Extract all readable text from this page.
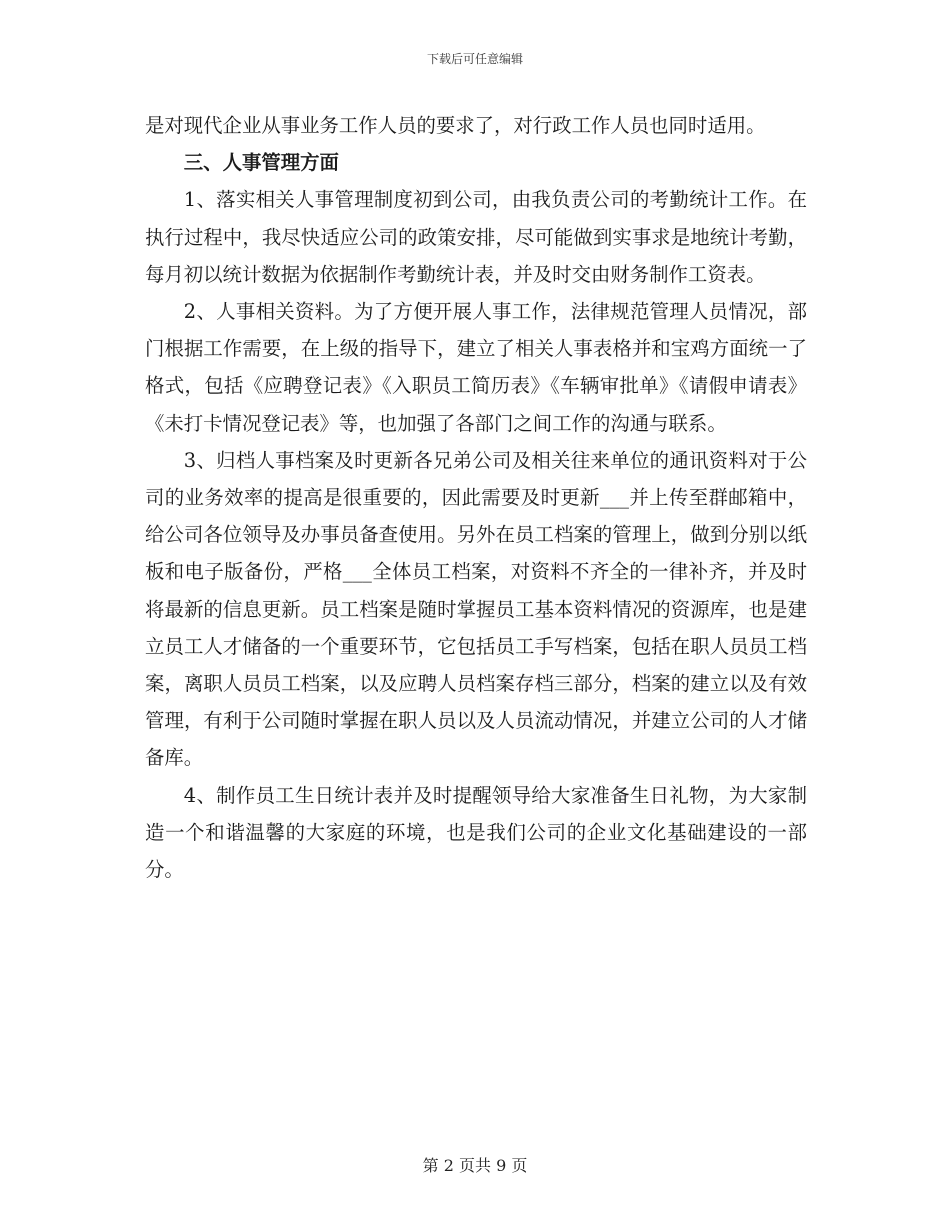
下载后可任意编辑

是对现代企业从事业务工作人员的要求了，对行政工作人员也同时适用。

三、人事管理方面

1、落实相关人事管理制度初到公司，由我负责公司的考勤统计工作。在执行过程中，我尽快适应公司的政策安排，尽可能做到实事求是地统计考勤，每月初以统计数据为依据制作考勤统计表，并及时交由财务制作工资表。

2、人事相关资料。为了方便开展人事工作，法律规范管理人员情况，部门根据工作需要，在上级的指导下，建立了相关人事表格并和宝鸡方面统一了格式，包括《应聘登记表》《入职员工简历表》《车辆审批单》《请假申请表》《未打卡情况登记表》等，也加强了各部门之间工作的沟通与联系。

3、归档人事档案及时更新各兄弟公司及相关往来单位的通讯资料对于公司的业务效率的提高是很重要的，因此需要及时更新___并上传至群邮箱中，给公司各位领导及办事员备查使用。另外在员工档案的管理上，做到分别以纸板和电子版备份，严格___全体员工档案，对资料不齐全的一律补齐，并及时将最新的信息更新。员工档案是随时掌握员工基本资料情况的资源库，也是建立员工人才储备的一个重要环节，它包括员工手写档案，包括在职人员员工档案，离职人员员工档案，以及应聘人员档案存档三部分，档案的建立以及有效管理，有利于公司随时掌握在职人员以及人员流动情况，并建立公司的人才储备库。

4、制作员工生日统计表并及时提醒领导给大家准备生日礼物，为大家制造一个和谐温馨的大家庭的环境，也是我们公司的企业文化基础建设的一部分。

第 2 页共 9 页
